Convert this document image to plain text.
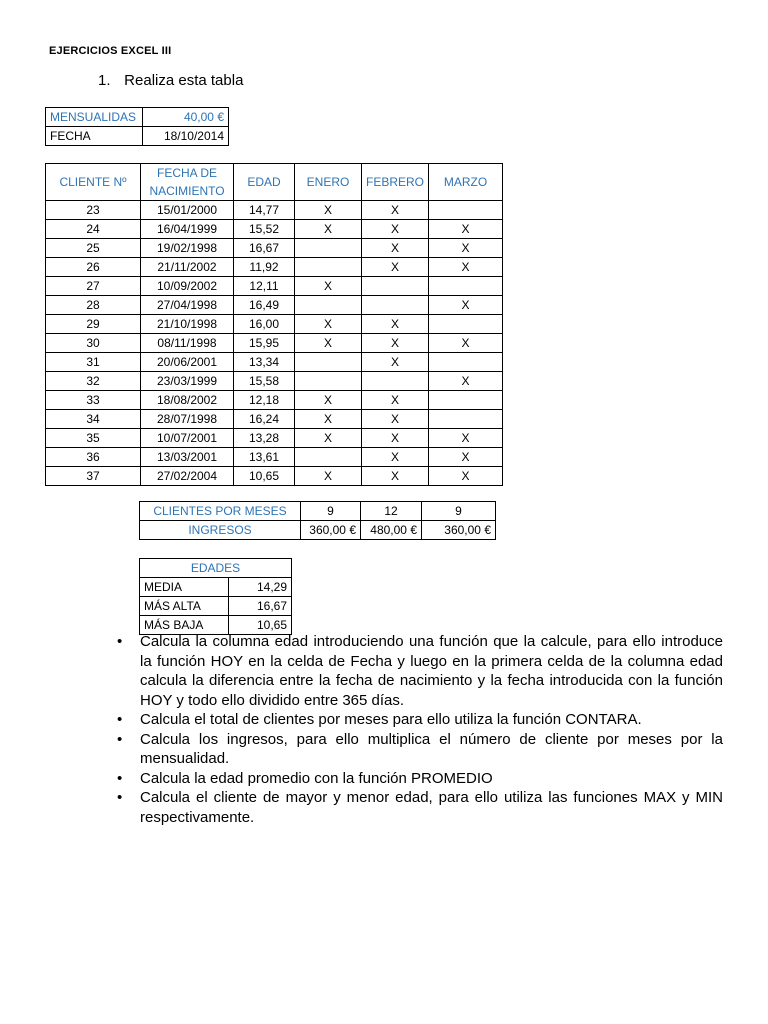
EJERCICIOS EXCEL III
1. Realiza esta tabla
MENSUALIDAS	40,00 €
FECHA	18/10/2014
CLIENTE Nº	FECHA DE NACIMIENTO	EDAD	ENERO	FEBRERO	MARZO
23	15/01/2000	14,77	X	X	
24	16/04/1999	15,52	X	X	X
25	19/02/1998	16,67		X	X
26	21/11/2002	11,92		X	X
27	10/09/2002	12,11	X		
28	27/04/1998	16,49			X
29	21/10/1998	16,00	X	X	
30	08/11/1998	15,95	X	X	X
31	20/06/2001	13,34		X	
32	23/03/1999	15,58			X
33	18/08/2002	12,18	X	X	
34	28/07/1998	16,24	X	X	
35	10/07/2001	13,28	X	X	X
36	13/03/2001	13,61		X	X
37	27/02/2004	10,65	X	X	X
CLIENTES POR MESES	9	12	9
INGRESOS	360,00 €	480,00 €	360,00 €
EDADES	
MEDIA	14,29
MÁS ALTA	16,67
MÁS BAJA	10,65
• Calcula la columna edad introduciendo una función que la calcule, para ello introduce la función HOY en la celda de Fecha y luego en la primera celda de la columna edad calcula la diferencia entre la fecha de nacimiento y la fecha introducida con la función HOY y todo ello dividido entre 365 días.
• Calcula el total de clientes por meses para ello utiliza la función CONTARA.
• Calcula los ingresos, para ello multiplica el número de cliente por meses por la mensualidad.
• Calcula la edad promedio con la función PROMEDIO
• Calcula el cliente de mayor y menor edad, para ello utiliza las funciones MAX y MIN respectivamente.
